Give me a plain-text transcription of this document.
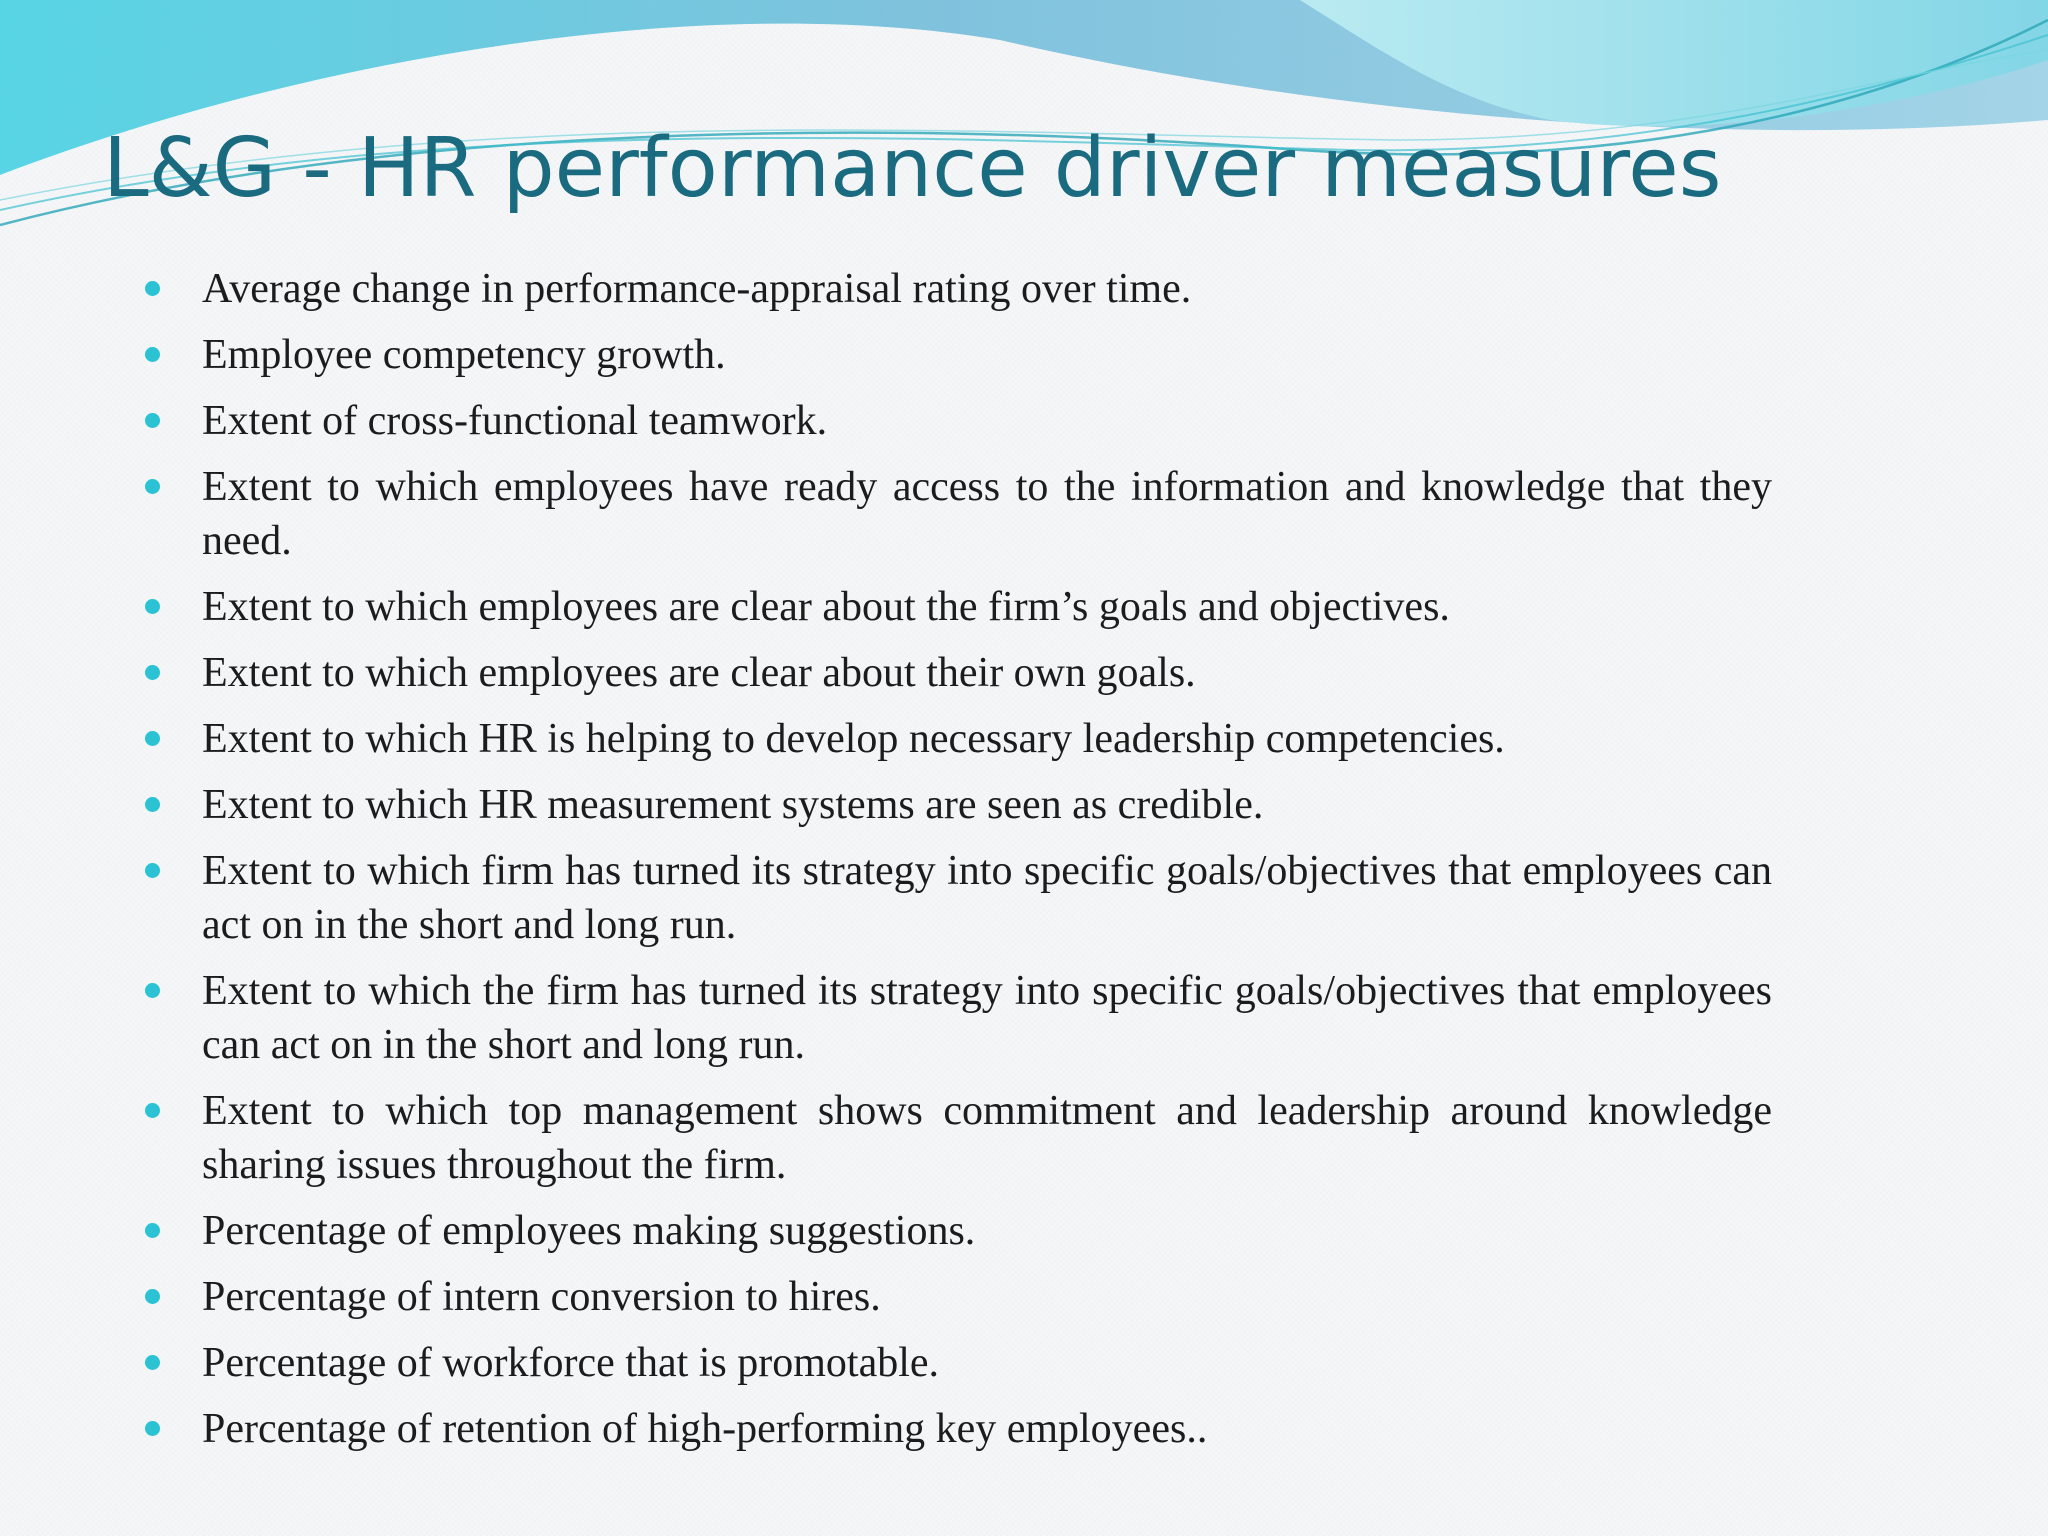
L&G - HR performance driver measures
Average change in performance-appraisal rating over time.
Employee competency growth.
Extent of cross-functional teamwork.
Extent to which employees have ready access to the information and knowledge that they need.
Extent to which employees are clear about the firm’s goals and objectives.
Extent to which employees are clear about their own goals.
Extent to which HR is helping to develop necessary leadership competencies.
Extent to which HR measurement systems are seen as credible.
Extent to which firm has turned its strategy into specific goals/objectives that employees can act on in the short and long run.
Extent to which the firm has turned its strategy into specific goals/objectives that employees can act on in the short and long run.
Extent to which top management shows commitment and leadership around knowledge sharing issues throughout the firm.
Percentage of employees making suggestions.
Percentage of intern conversion to hires.
Percentage of workforce that is promotable.
Percentage of retention of high-performing key employees..
